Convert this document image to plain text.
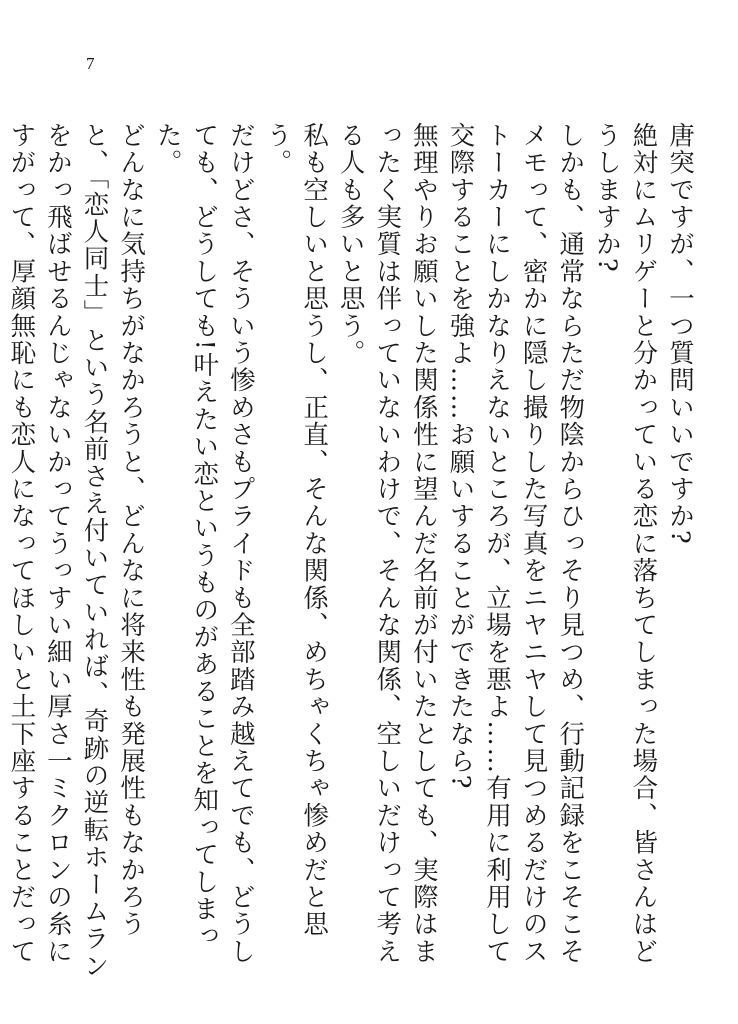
7

唐突ですが、一つ質問いいですか?

絶対にムリゲーと分かっている恋に落ちてしまった場合、皆さんはどうしますか?

しかも、通常ならただ物陰からひっそり見つめ、行動記録をこそこそメモって、密かに隠し撮りした写真をニヤニヤして見つめるだけのストーカーにしかなりえないところが、立場を悪よ……有用に利用して交際することを強よ……お願いすることができたなら?

無理やりお願いした関係性に望んだ名前が付いたとしても、実際はまったく実質は伴っていないわけで、そんな関係、空しいだけって考える人も多いと思う。

私も空しいと思うし、正直、そんな関係、めちゃくちゃ惨めだと思う。

だけどさ、そういう惨めさもプライドも全部踏み越えてでも、どうしても、どうしても!叶えたい恋というものがあることを知ってしまった。

どんなに気持ちがなかろうと、どんなに将来性も発展性もなかろうと、「恋人同士」という名前さえ付いていれば、奇跡の逆転ホームランをかっ飛ばせるんじゃないかってうっすい細い厚さ一ミクロンの糸にすがって、厚顔無恥にも恋人になってほしいと土下座することだって
